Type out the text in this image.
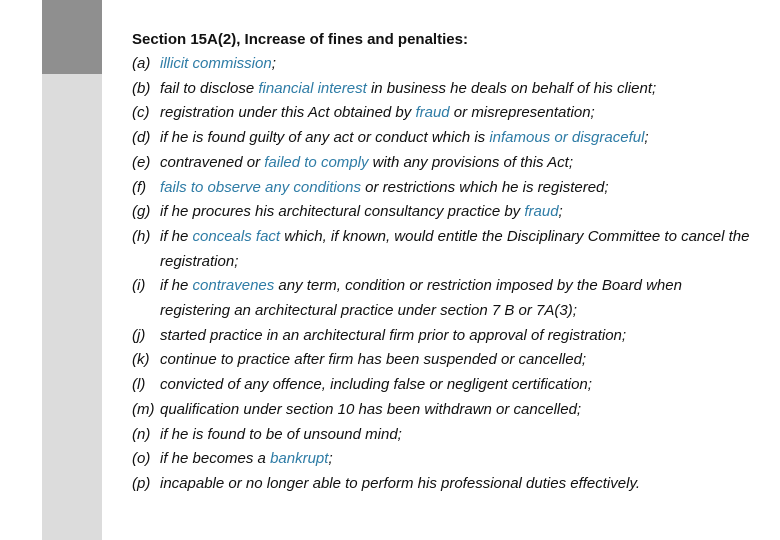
Section 15A(2), Increase of fines and penalties:
(a) illicit commission;
(b) fail to disclose financial interest in business he deals on behalf of his client;
(c) registration under this Act obtained by fraud or misrepresentation;
(d) if he is found guilty of any act or conduct which is infamous or disgraceful;
(e) contravened or failed to comply with any provisions of this Act;
(f) fails to observe any conditions or restrictions which he is registered;
(g) if he procures his architectural consultancy practice by fraud;
(h) if he conceals fact which, if known, would entitle the Disciplinary Committee to cancel the registration;
(i) if he contravenes any term, condition or restriction imposed by the Board when registering an architectural practice under section 7 B or 7A(3);
(j) started practice in an architectural firm prior to approval of registration;
(k) continue to practice after firm has been suspended or cancelled;
(l) convicted of any offence, including false or negligent certification;
(m) qualification under section 10 has been withdrawn or cancelled;
(n) if he is found to be of unsound mind;
(o) if he becomes a bankrupt;
(p) incapable or no longer able to perform his professional duties effectively.
